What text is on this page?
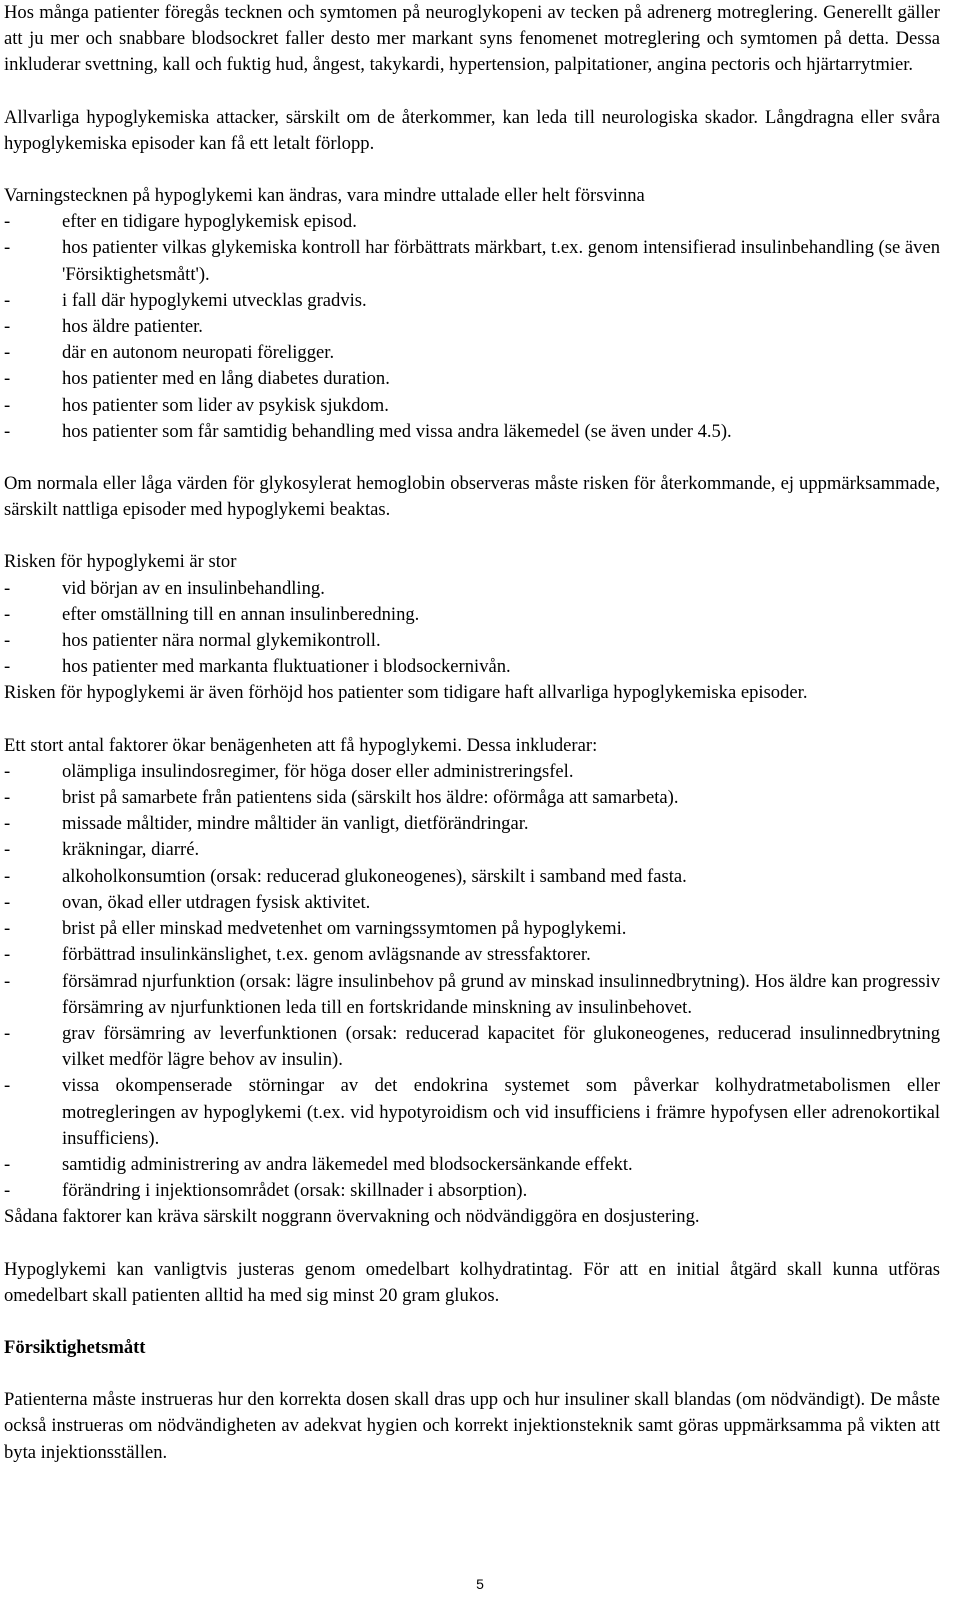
Hos många patienter föregås tecknen och symtomen på neuroglykopeni av tecken på adrenerg motreglering. Generellt gäller att ju mer och snabbare blodsockret faller desto mer markant syns fenomenet motreglering och symtomen på detta. Dessa inkluderar svettning, kall och fuktig hud, ångest, takykardi, hypertension, palpitationer, angina pectoris och hjärtarrytmier.

Allvarliga hypoglykemiska attacker, särskilt om de återkommer, kan leda till neurologiska skador. Långdragna eller svåra hypoglykemiska episoder kan få ett letalt förlopp.

Varningstecknen på hypoglykemi kan ändras, vara mindre uttalade eller helt försvinna

-	efter en tidigare hypoglykemisk episod.
-	hos patienter vilkas glykemiska kontroll har förbättrats märkbart, t.ex. genom intensifierad insulinbehandling (se även 'Försiktighetsmått').
-	i fall där hypoglykemi utvecklas gradvis.
-	hos äldre patienter.
-	där en autonom neuropati föreligger.
-	hos patienter med en lång diabetes duration.
-	hos patienter som lider av psykisk sjukdom.
-	hos patienter som får samtidig behandling med vissa andra läkemedel (se även under 4.5).

Om normala eller låga värden för glykosylerat hemoglobin observeras måste risken för återkommande, ej uppmärksammade, särskilt nattliga episoder med hypoglykemi beaktas.

Risken för hypoglykemi är stor

-	vid början av en insulinbehandling.
-	efter omställning till en annan insulinberedning.
-	hos patienter nära normal glykemikontroll.
-	hos patienter med markanta fluktuationer i blodsockernivån.

Risken för hypoglykemi är även förhöjd hos patienter som tidigare haft allvarliga hypoglykemiska episoder.

Ett stort antal faktorer ökar benägenheten att få hypoglykemi. Dessa inkluderar:

-	olämpliga insulindosregimer, för höga doser eller administreringsfel.
-	brist på samarbete från patientens sida (särskilt hos äldre: oförmåga att samarbeta).
-	missade måltider, mindre måltider än vanligt, dietförändringar.
-	kräkningar, diarré.
-	alkoholkonsumtion (orsak: reducerad glukoneogenes), särskilt i samband med fasta.
-	ovan, ökad eller utdragen fysisk aktivitet.
-	brist på eller minskad medvetenhet om varningssymtomen på hypoglykemi.
-	förbättrad insulinkänslighet, t.ex. genom avlägsnande av stressfaktorer.
-	försämrad njurfunktion (orsak: lägre insulinbehov på grund av minskad insulinnedbrytning). Hos äldre kan progressiv försämring av njurfunktionen leda till en fortskridande minskning av insulinbehovet.
-	grav försämring av leverfunktionen (orsak: reducerad kapacitet för glukoneogenes, reducerad insulinnedbrytning vilket medför lägre behov av insulin).
-	vissa okompenserade störningar av det endokrina systemet som påverkar kolhydratmetabolismen eller motregleringen av hypoglykemi (t.ex. vid hypotyroidism och vid insufficiens i främre hypofysen eller adrenokortikal insufficiens).
-	samtidig administrering av andra läkemedel med blodsockersänkande effekt.
-	förändring i injektionsområdet (orsak: skillnader i absorption).

Sådana faktorer kan kräva särskilt noggrann övervakning och nödvändiggöra en dosjustering.

Hypoglykemi kan vanligtvis justeras genom omedelbart kolhydratintag. För att en initial åtgärd skall kunna utföras omedelbart skall patienten alltid ha med sig minst 20 gram glukos.

Försiktighetsmått

Patienterna måste instrueras hur den korrekta dosen skall dras upp och hur insuliner skall blandas (om nödvändigt). De måste också instrueras om nödvändigheten av adekvat hygien och korrekt injektionsteknik samt göras uppmärksamma på vikten att byta injektionsställen.

5
